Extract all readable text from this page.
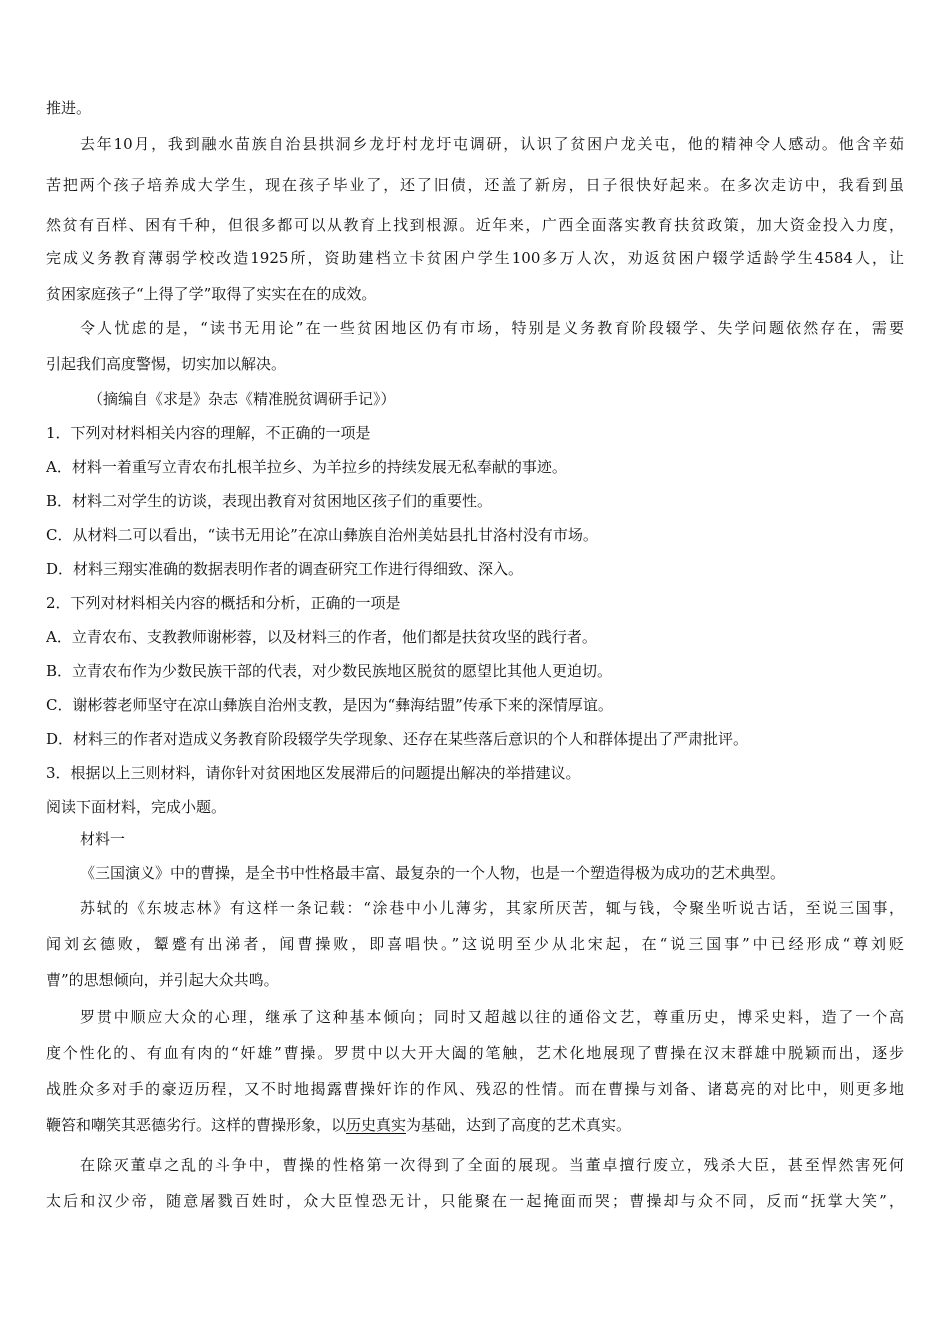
推进。
去年10月，我到融水苗族自治县拱洞乡龙圩村龙圩屯调研，认识了贫困户龙关屯，他的精神令人感动。他含辛茹
苦把两个孩子培养成大学生，现在孩子毕业了，还了旧债，还盖了新房，日子很快好起来。在多次走访中，我看到虽
然贫有百样、困有千种，但很多都可以从教育上找到根源。近年来，广西全面落实教育扶贫政策，加大资金投入力度，
完成义务教育薄弱学校改造1925所，资助建档立卡贫困户学生100多万人次，劝返贫困户辍学适龄学生4584人，让
贫困家庭孩子“上得了学”取得了实实在在的成效。
令人忧虑的是，“读书无用论”在一些贫困地区仍有市场，特别是义务教育阶段辍学、失学问题依然存在，需要
引起我们高度警惕，切实加以解决。
（摘编自《求是》杂志《精准脱贫调研手记》）
1．下列对材料相关内容的理解，不正确的一项是
A．材料一着重写立青农布扎根羊拉乡、为羊拉乡的持续发展无私奉献的事迹。
B．材料二对学生的访谈，表现出教育对贫困地区孩子们的重要性。
C．从材料二可以看出，“读书无用论”在凉山彝族自治州美姑县扎甘洛村没有市场。
D．材料三翔实准确的数据表明作者的调查研究工作进行得细致、深入。
2．下列对材料相关内容的概括和分析，正确的一项是
A．立青农布、支教教师谢彬蓉，以及材料三的作者，他们都是扶贫攻坚的践行者。
B．立青农布作为少数民族干部的代表，对少数民族地区脱贫的愿望比其他人更迫切。
C．谢彬蓉老师坚守在凉山彝族自治州支教，是因为“彝海结盟”传承下来的深情厚谊。
D．材料三的作者对造成义务教育阶段辍学失学现象、还存在某些落后意识的个人和群体提出了严肃批评。
3．根据以上三则材料，请你针对贫困地区发展滞后的问题提出解决的举措建议。
阅读下面材料，完成小题。
材料一
《三国演义》中的曹操，是全书中性格最丰富、最复杂的一个人物，也是一个塑造得极为成功的艺术典型。
苏轼的《东坡志林》有这样一条记载：“涂巷中小儿薄劣，其家所厌苦，辄与钱，令聚坐听说古话，至说三国事，
闻刘玄德败，颦蹙有出涕者，闻曹操败，即喜唱快。”这说明至少从北宋起，在“说三国事”中已经形成“尊刘贬
曹”的思想倾向，并引起大众共鸣。
罗贯中顺应大众的心理，继承了这种基本倾向；同时又超越以往的通俗文艺，尊重历史，博采史料，造了一个高
度个性化的、有血有肉的“奸雄”曹操。罗贯中以大开大阖的笔触，艺术化地展现了曹操在汉末群雄中脱颖而出，逐步
战胜众多对手的豪迈历程，又不时地揭露曹操奸诈的作风、残忍的性情。而在曹操与刘备、诸葛亮的对比中，则更多地
鞭笞和嘲笑其恶德劣行。这样的曹操形象，以历史真实为基础，达到了高度的艺术真实。
在除灭董卓之乱的斗争中，曹操的性格第一次得到了全面的展现。当董卓擅行废立，残杀大臣，甚至悍然害死何
太后和汉少帝，随意屠戮百姓时，众大臣惶恐无计，只能聚在一起掩面而哭；曹操却与众不同，反而“抚掌大笑”，
